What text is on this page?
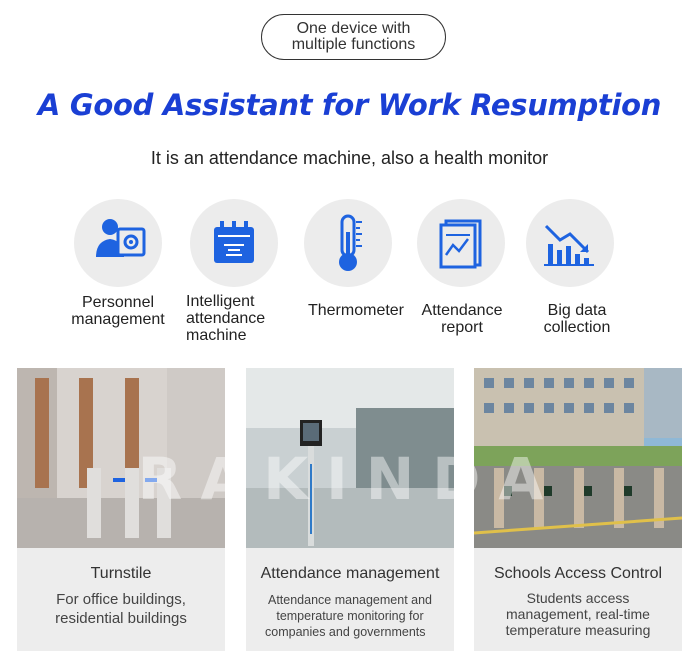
One device with
multiple functions
A Good Assistant for Work Resumption
It is an attendance machine, also a health monitor
Personnel
management
Intelligent
attendance
machine
Thermometer	Attendance
report
Big data
collection
Turnstile
For office buildings,
residential buildings
Attendance management
Attendance management and
temperature monitoring for
companies and governments
Schools Access Control
Students access
management, real-time
temperature measuring
RAKINDA
